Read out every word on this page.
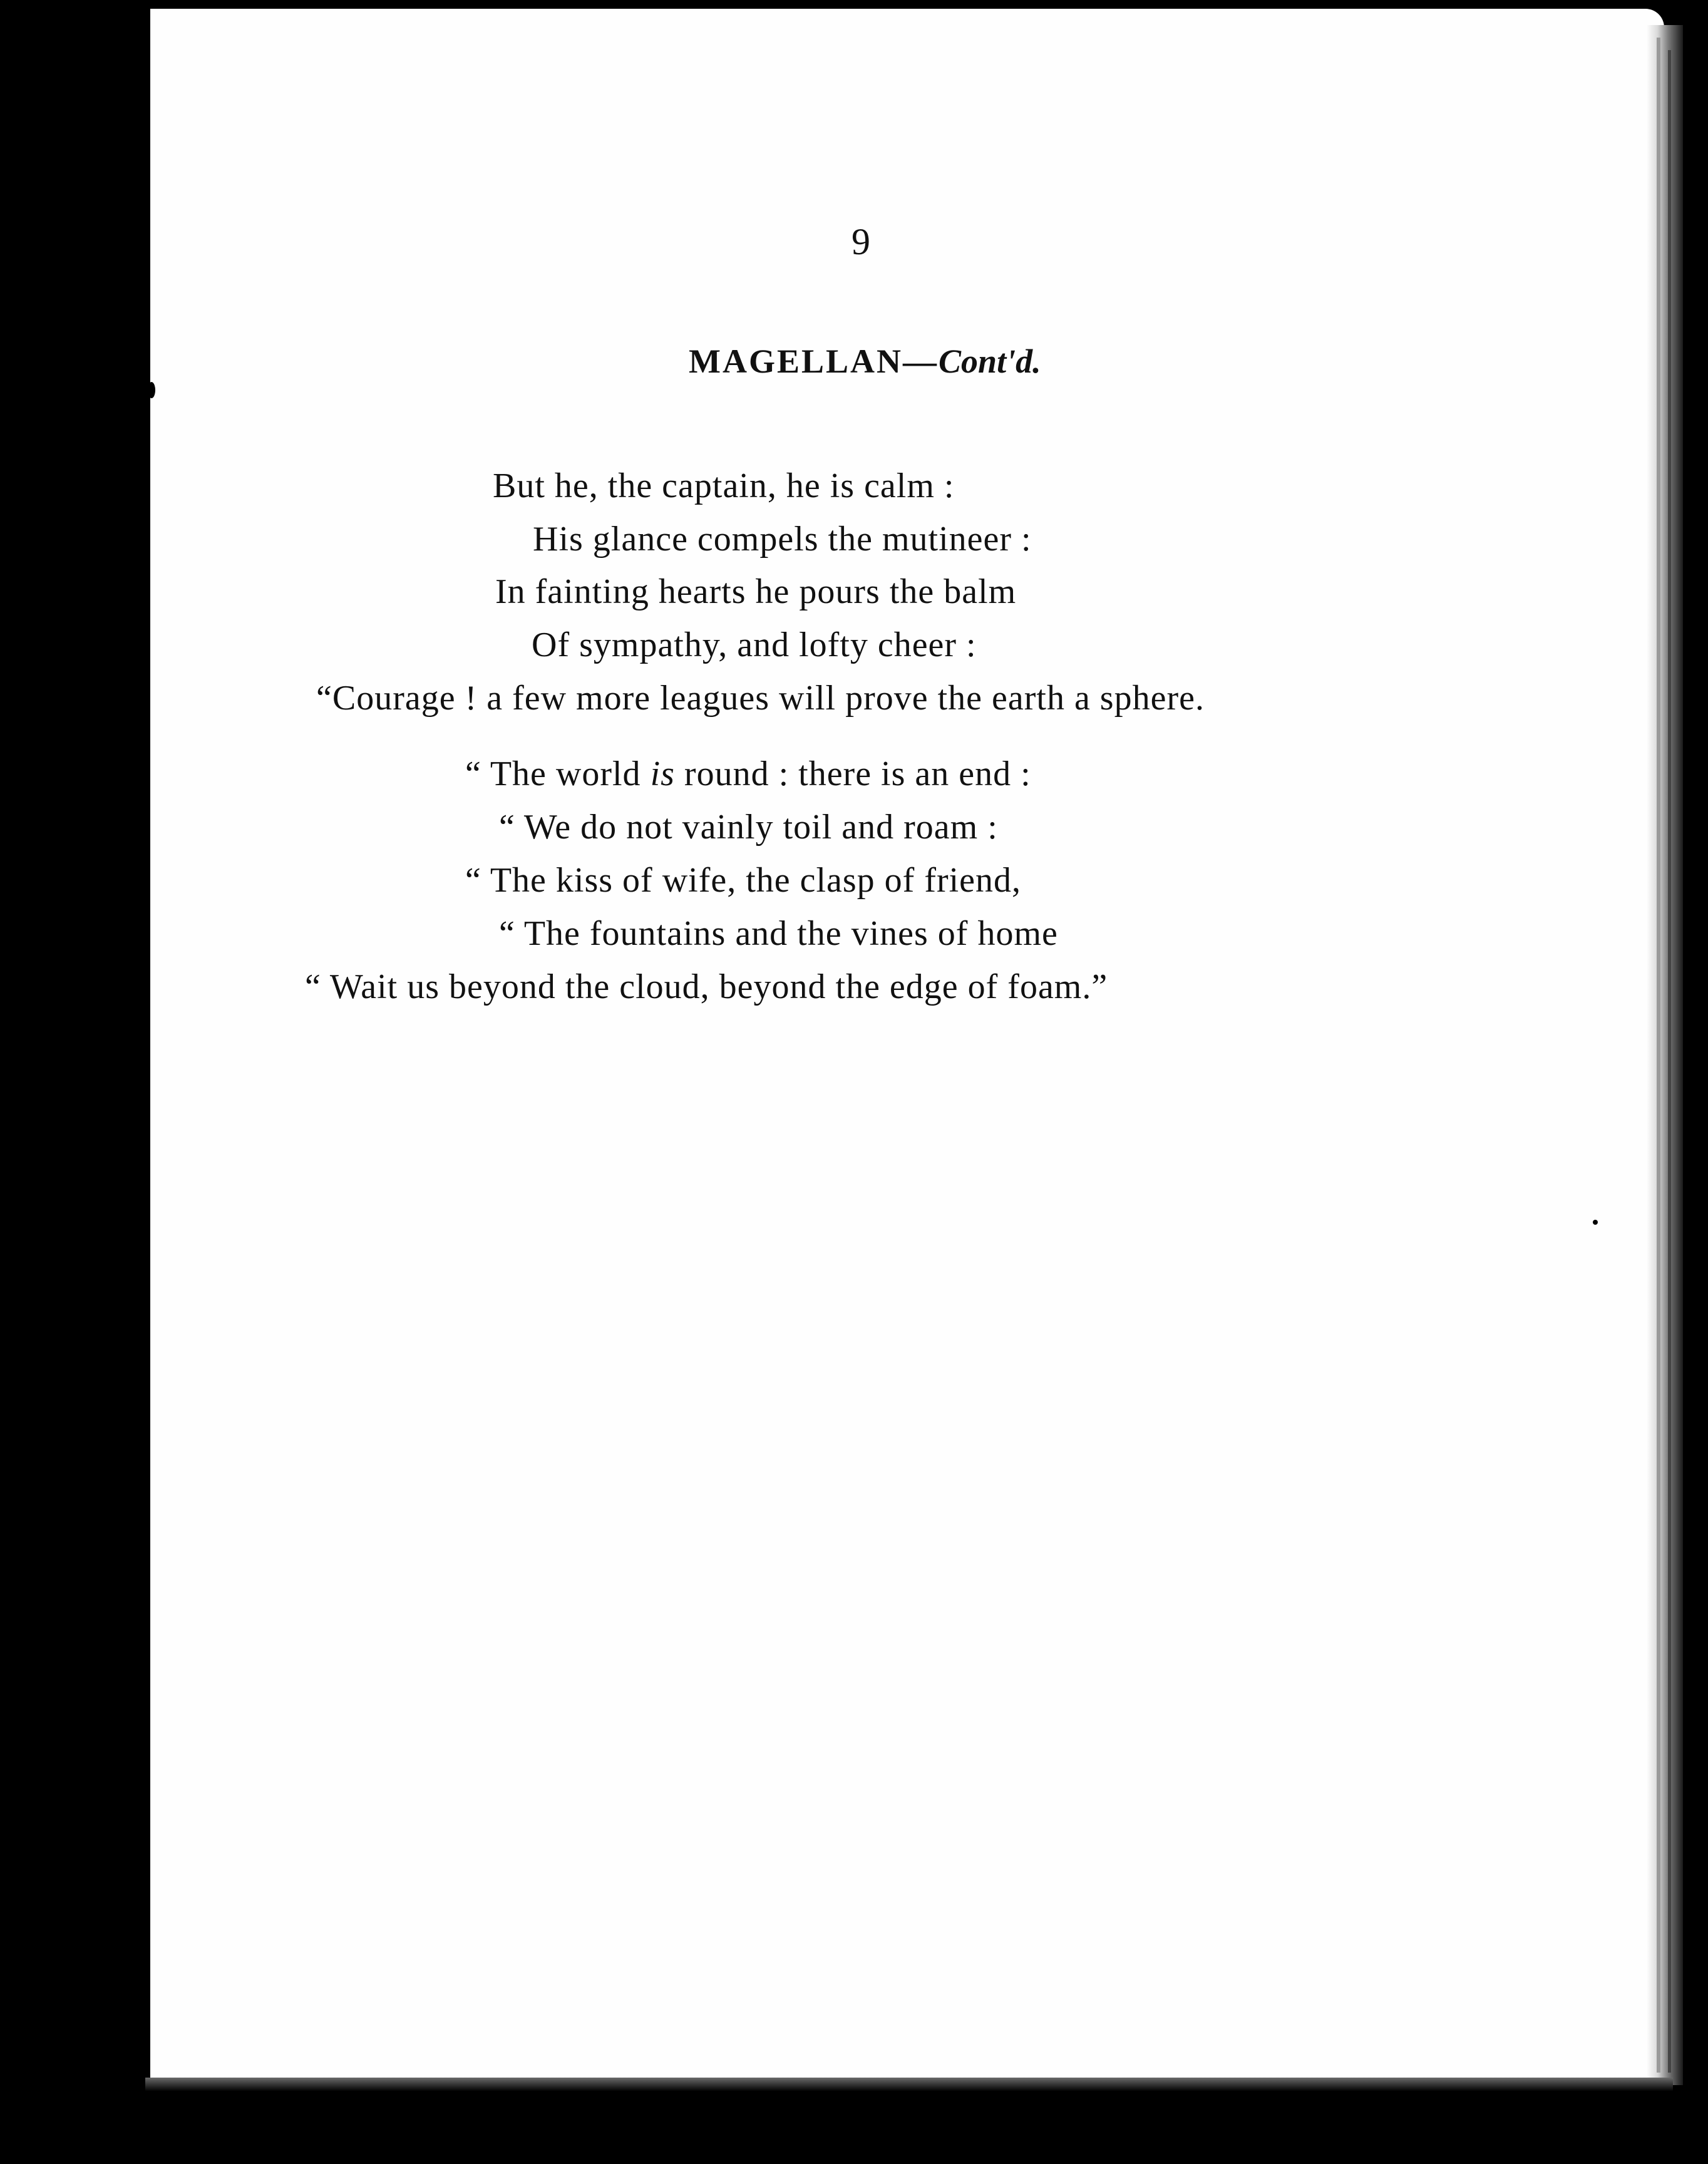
9

MAGELLAN—Cont'd.

But he, the captain, he is calm :

His glance compels the mutineer :

In fainting hearts he pours the balm

Of sympathy, and lofty cheer :

“Courage ! a few more leagues will prove the earth a sphere.

“ The world is round : there is an end :

“ We do not vainly toil and roam :

“ The kiss of wife, the clasp of friend,

“ The fountains and the vines of home

“ Wait us beyond the cloud, beyond the edge of foam.”
